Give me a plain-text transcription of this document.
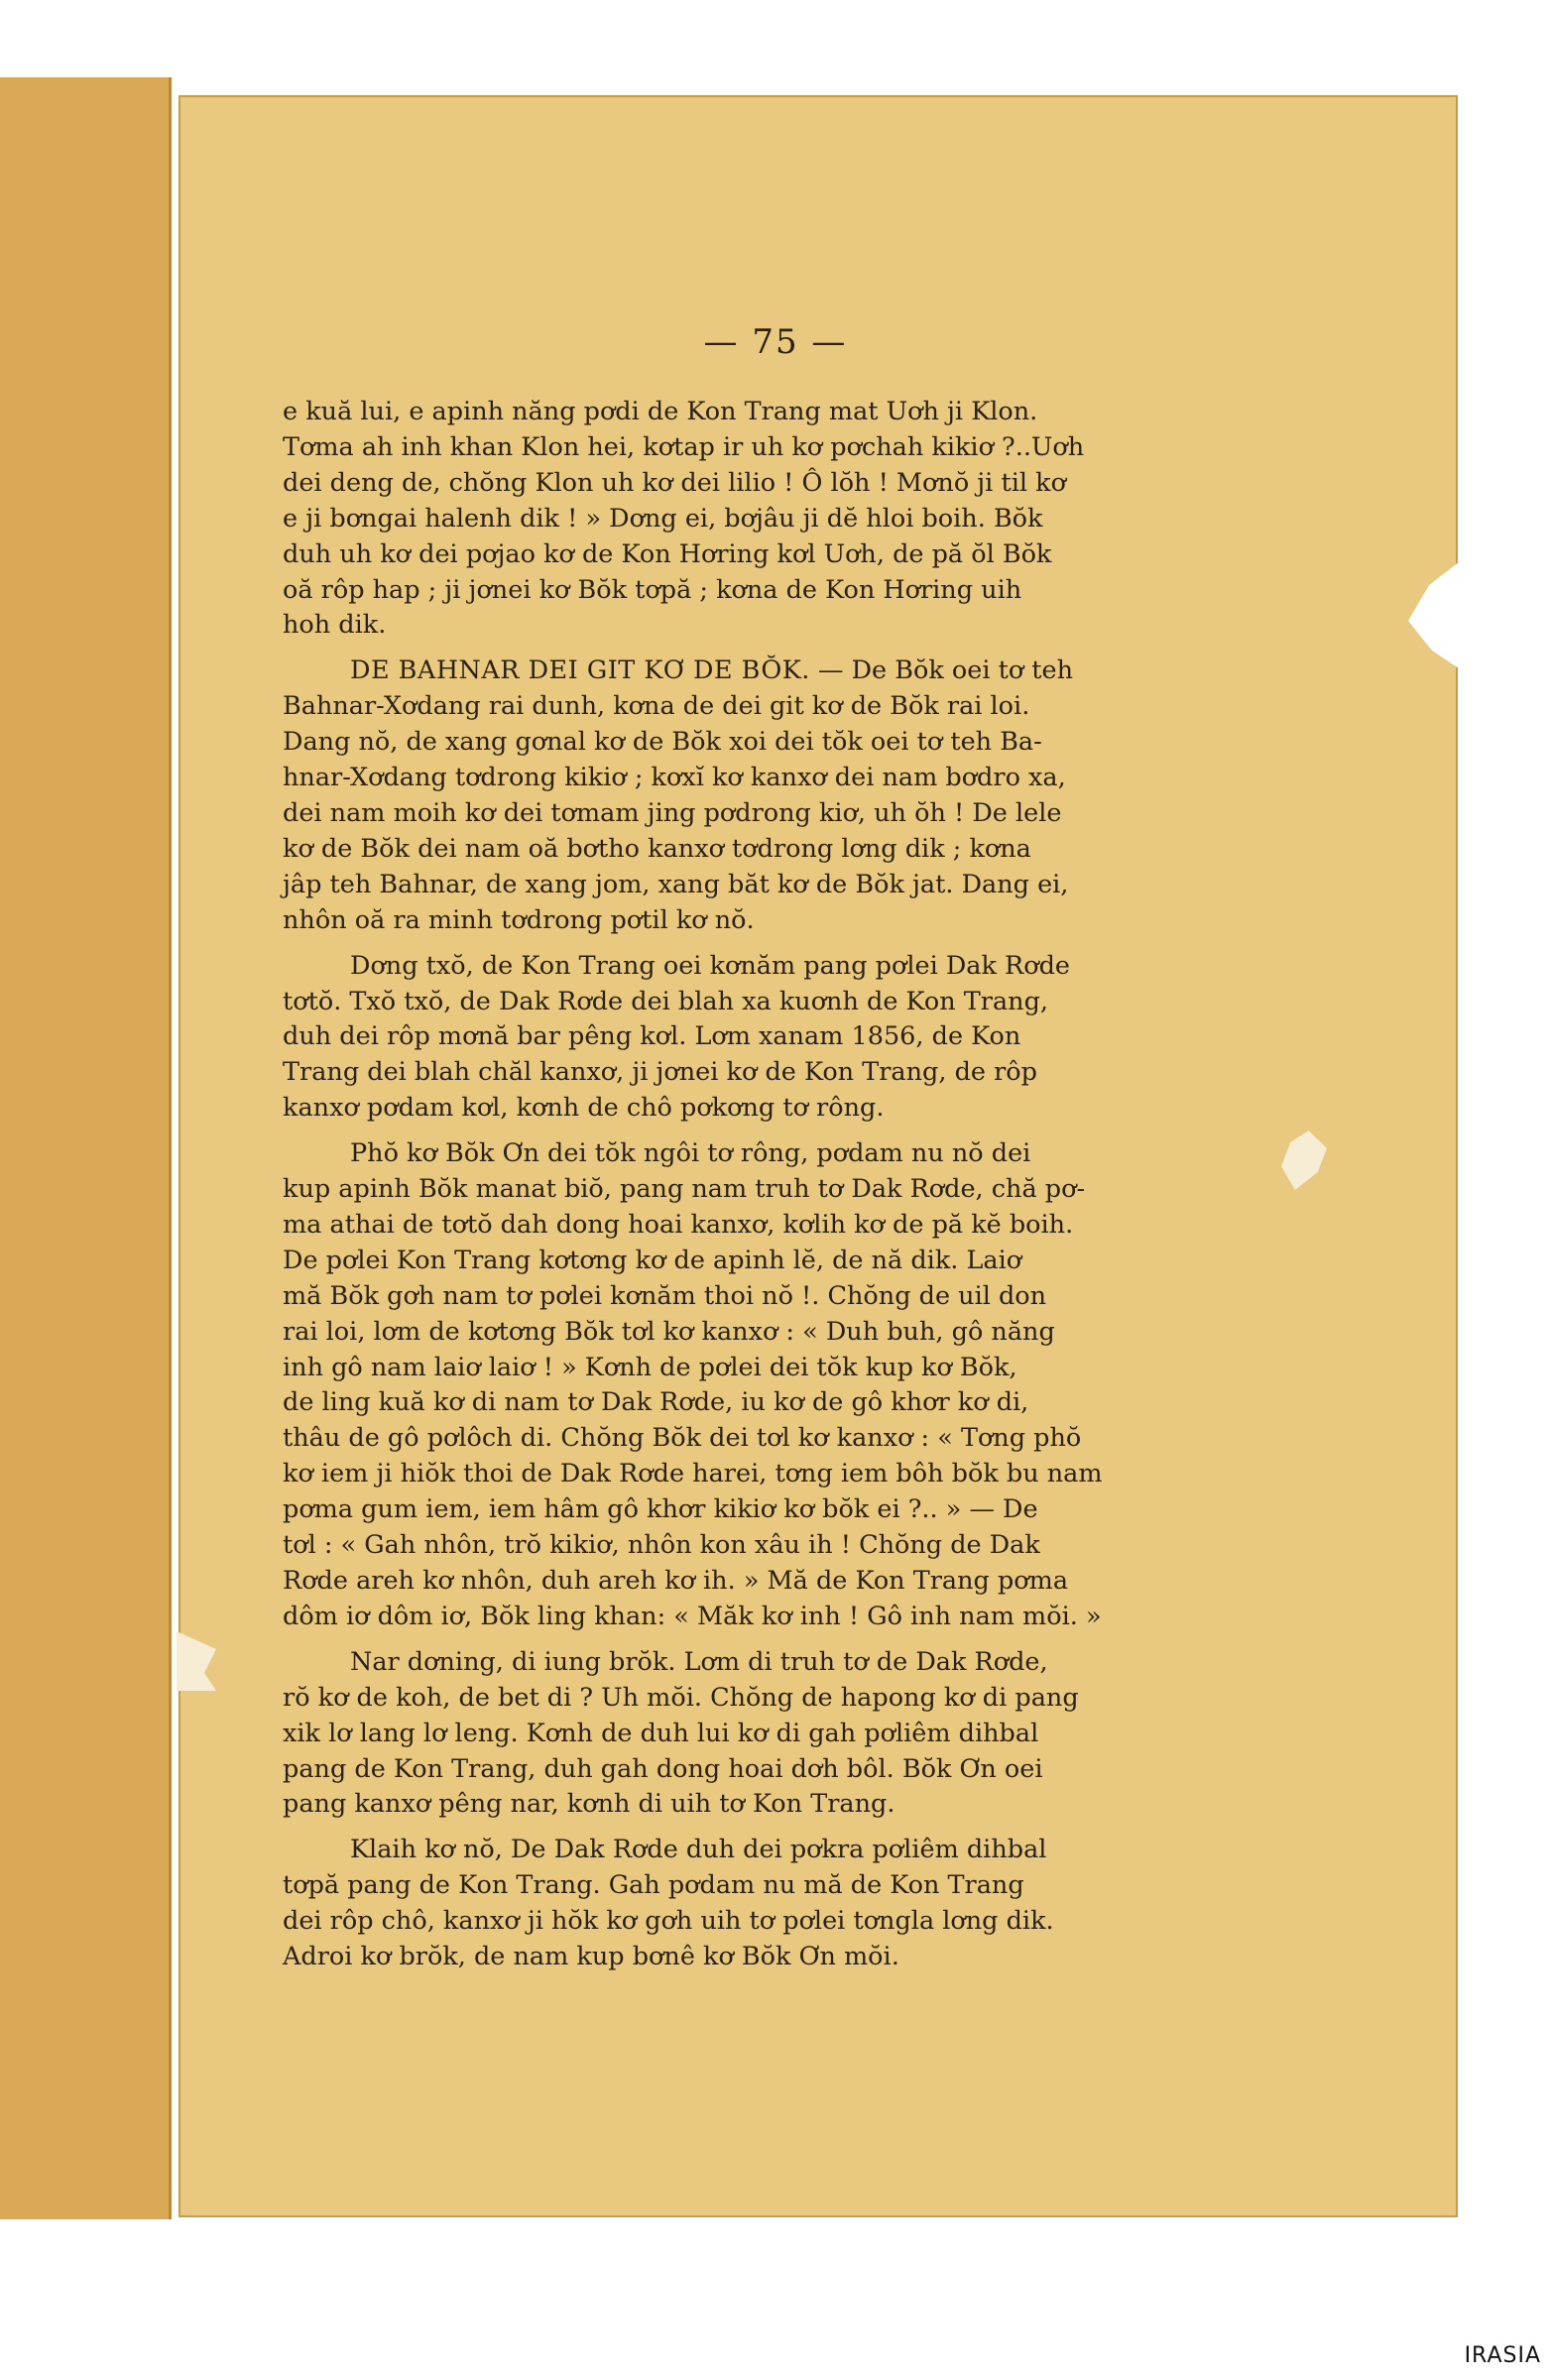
— 75 —
e kuă lui, e apinh năng pơdi de Kon Trang mat Uơh ji Klon.
Tơma ah inh khan Klon hei, kơtap ir uh kơ pơchah kikiơ ?..Uơh
dei deng de, chŏng Klon uh kơ dei lilio ! Ô lŏh ! Mơnŏ ji til kơ
e ji bơngai halenh dik ! » Dơng ei, bơjâu ji dĕ hloi boih. Bŏk
duh uh kơ dei pơjao kơ de Kon Hơring kơl Uơh, de pă ŏl Bŏk
oă rôp hap ; ji jơnei kơ Bŏk tơpă ; kơna de Kon Hơring uih
hoh dik.
DE BAHNAR DEI GIT KƠ DE BŎK. — De Bŏk oei tơ teh
Bahnar-Xơdang rai dunh, kơna de dei git kơ de Bŏk rai loi.
Dang nŏ, de xang gơnal kơ de Bŏk xoi dei tŏk oei tơ teh Ba-
hnar-Xơdang tơdrong kikiơ ; kơxĭ kơ kanxơ dei nam bơdro xa,
dei nam moih kơ dei tơmam jing pơdrong kiơ, uh ŏh ! De lele
kơ de Bŏk dei nam oă bơtho kanxơ tơdrong lơng dik ; kơna
jâp teh Bahnar, de xang jom, xang băt kơ de Bŏk jat. Dang ei,
nhôn oă ra minh tơdrong pơtil kơ nŏ.
Dơng txŏ, de Kon Trang oei kơnăm pang pơlei Dak Rơde
tơtŏ. Txŏ txŏ, de Dak Rơde dei blah xa kuơnh de Kon Trang,
duh dei rôp mơnă bar pêng kơl. Lơm xanam 1856, de Kon
Trang dei blah chăl kanxơ, ji jơnei kơ de Kon Trang, de rôp
kanxơ pơdam kơl, kơnh de chô pơkơng tơ rông.
Phŏ kơ Bŏk Ơn dei tŏk ngôi tơ rông, pơdam nu nŏ dei
kup apinh Bŏk manat biŏ, pang nam truh tơ Dak Rơde, chă pơ-
ma athai de tơtŏ dah dong hoai kanxơ, kơlih kơ de pă kĕ boih.
De pơlei Kon Trang kơtơng kơ de apinh lĕ, de nă dik. Laiơ
mă Bŏk gơh nam tơ pơlei kơnăm thoi nŏ !. Chŏng de uil don
rai loi, lơm de kơtơng Bŏk tơl kơ kanxơ : « Duh buh, gô năng
inh gô nam laiơ laiơ ! » Kơnh de pơlei dei tŏk kup kơ Bŏk,
de ling kuă kơ di nam tơ Dak Rơde, iu kơ de gô khơr kơ di,
thâu de gô pơlôch di. Chŏng Bŏk dei tơl kơ kanxơ : « Tơng phŏ
kơ iem ji hiŏk thoi de Dak Rơde harei, tơng iem bôh bŏk bu nam
pơma gum iem, iem hâm gô khơr kikiơ kơ bŏk ei ?.. » — De
tơl : « Gah nhôn, trŏ kikiơ, nhôn kon xâu ih ! Chŏng de Dak
Rơde areh kơ nhôn, duh areh kơ ih. » Mă de Kon Trang pơma
dôm iơ dôm iơ, Bŏk ling khan: « Măk kơ inh ! Gô inh nam mŏi. »
Nar dơning, di iung brŏk. Lơm di truh tơ de Dak Rơde,
rŏ kơ de koh, de bet di ? Uh mŏi. Chŏng de hapong kơ di pang
xik lơ lang lơ leng. Kơnh de duh lui kơ di gah pơliêm dihbal
pang de Kon Trang, duh gah dong hoai dơh bôl. Bŏk Ơn oei
pang kanxơ pêng nar, kơnh di uih tơ Kon Trang.
Klaih kơ nŏ, De Dak Rơde duh dei pơkra pơliêm dihbal
tơpă pang de Kon Trang. Gah pơdam nu mă de Kon Trang
dei rôp chô, kanxơ ji hŏk kơ gơh uih tơ pơlei tơngla lơng dik.
Adroi kơ brŏk, de nam kup bơnê kơ Bŏk Ơn mŏi.
IRASIA
